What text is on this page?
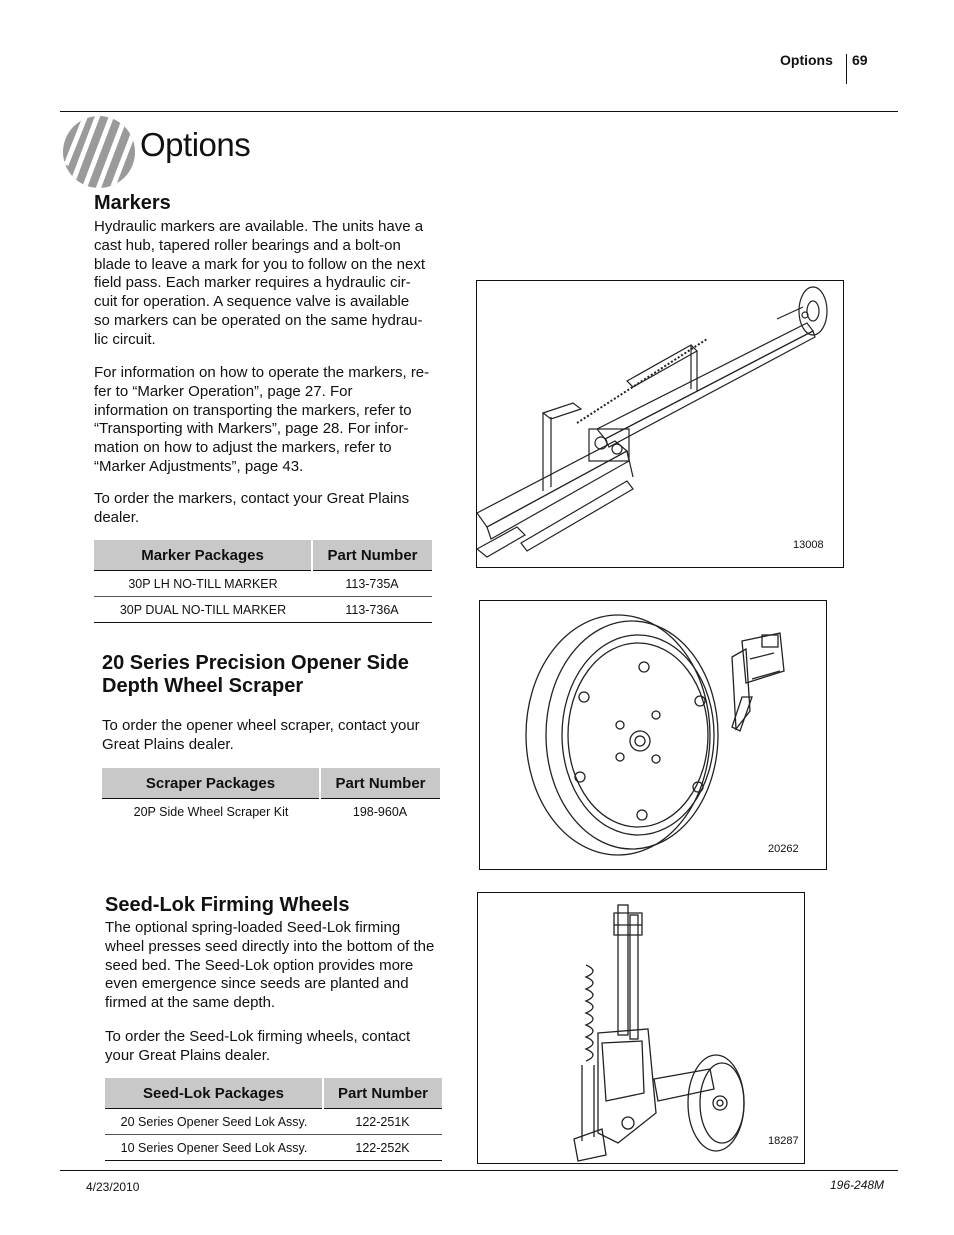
Options 69
Options
Markers

Hydraulic markers are available. The units have a

cast hub, tapered roller bearings and a bolt-on

blade to leave a mark for you to follow on the next

field pass. Each marker requires a hydraulic cir-

cuit for operation. A sequence valve is available

so markers can be operated on the same hydrau-

lic circuit.

For information on how to operate the markers, re-

fer to “Marker Operation”, page 27. For

information on transporting the markers, refer to

“Transporting with Markers”, page 28. For infor-

mation on how to adjust the markers, refer to

“Marker Adjustments”, page 43.

To order the markers, contact your Great Plains

dealer.

Marker Packages	Part Number
30P LH NO-TILL MARKER	113-735A
30P DUAL NO-TILL MARKER	113-736A
13008
20 Series Precision Opener Side
Depth Wheel Scraper

To order the opener wheel scraper, contact your

Great Plains dealer.

Scraper Packages	Part Number
20P Side Wheel Scraper Kit	198-960A
20262
Seed-Lok Firming Wheels

The optional spring-loaded Seed-Lok firming

wheel presses seed directly into the bottom of the

seed bed. The Seed-Lok option provides more

even emergence since seeds are planted and

firmed at the same depth.

To order the Seed-Lok firming wheels, contact

your Great Plains dealer.

Seed-Lok Packages	Part Number
20 Series Opener Seed Lok Assy.	122-251K
10 Series Opener Seed Lok Assy.	122-252K	18287
4/23/2010	196-248M
